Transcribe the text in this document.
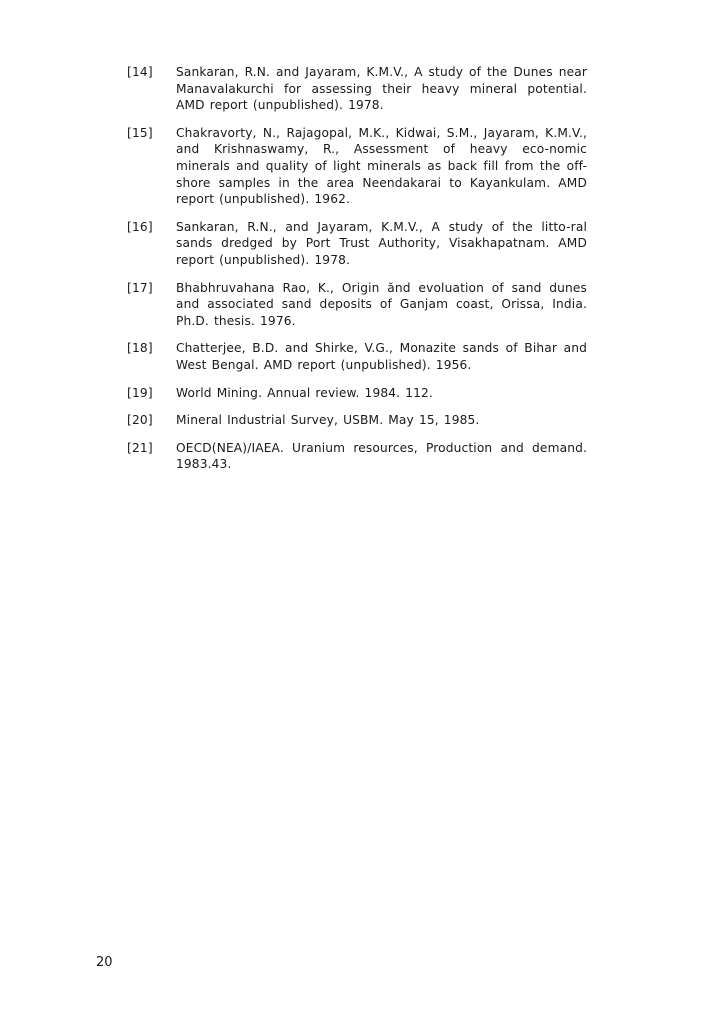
[14]	Sankaran, R.N. and Jayaram, K.M.V., A study of the Dunes near Manavalakurchi for assessing their heavy mineral potential. AMD report (unpublished). 1978.
[15]	Chakravorty, N., Rajagopal, M.K., Kidwai, S.M., Jayaram, K.M.V., and Krishnaswamy, R., Assessment of heavy eco-nomic minerals and quality of light minerals as back fill from the off-shore samples in the area Neendakarai to Kayankulam. AMD report (unpublished). 1962.
[16]	Sankaran, R.N., and Jayaram, K.M.V., A study of the litto-ral sands dredged by Port Trust Authority, Visakhapatnam. AMD report (unpublished). 1978.
[17]	Bhabhruvahana Rao, K., Origin ănd evoluation of sand dunes and associated sand deposits of Ganjam coast, Orissa, India. Ph.D. thesis. 1976.
[18]	Chatterjee, B.D. and Shirke, V.G., Monazite sands of Bihar and West Bengal. AMD report (unpublished). 1956.
[19]	World Mining. Annual review. 1984. 112.
[20]	Mineral Industrial Survey, USBM. May 15, 1985.
[21]	OECD(NEA)/IAEA. Uranium resources, Production and demand. 1983.43.
20
